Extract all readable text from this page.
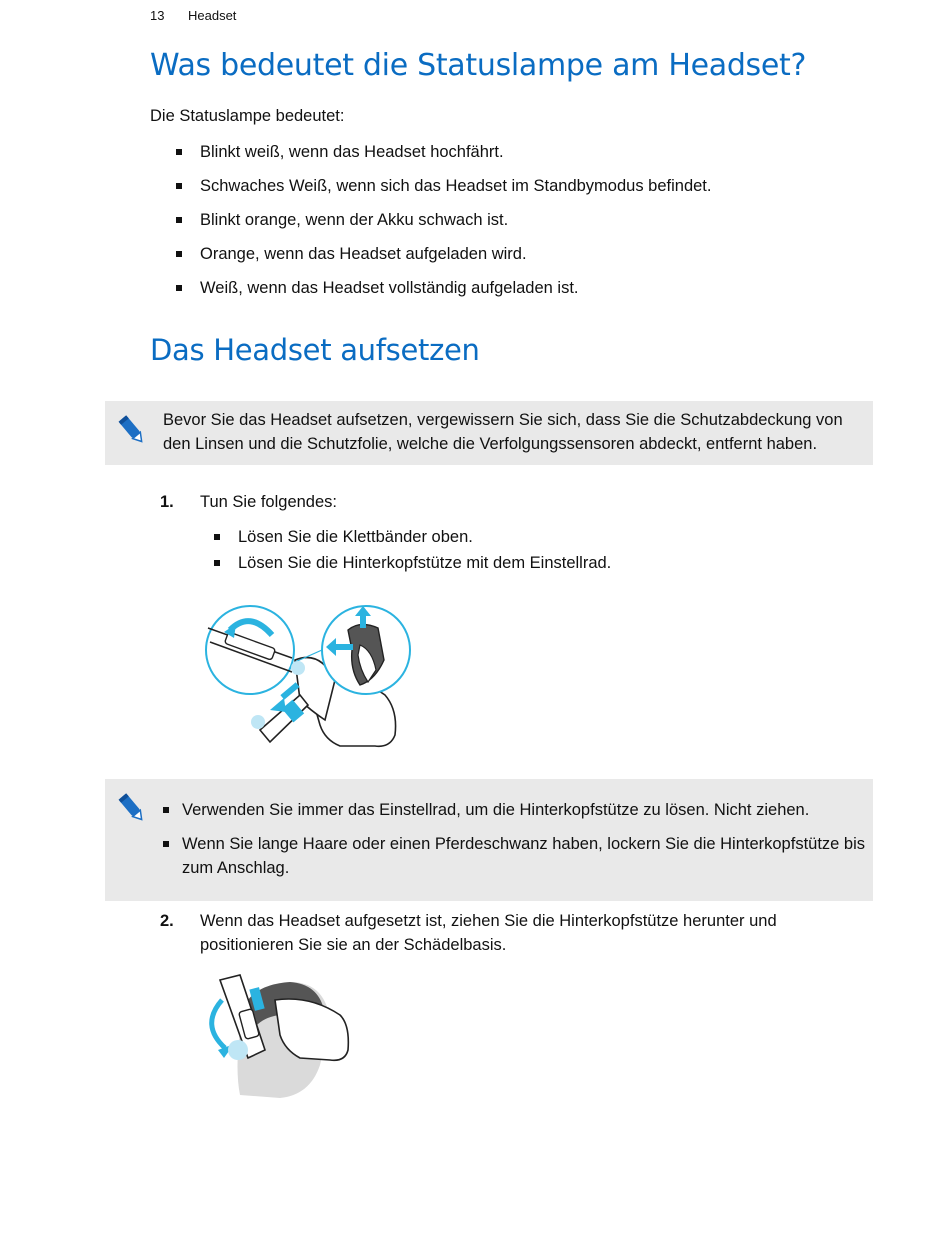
13 Headset
Was bedeutet die Statuslampe am Headset?
Die Statuslampe bedeutet:
Blinkt weiß, wenn das Headset hochfährt.
Schwaches Weiß, wenn sich das Headset im Standbymodus befindet.
Blinkt orange, wenn der Akku schwach ist.
Orange, wenn das Headset aufgeladen wird.
Weiß, wenn das Headset vollständig aufgeladen ist.
Das Headset aufsetzen
Bevor Sie das Headset aufsetzen, vergewissern Sie sich, dass Sie die Schutzabdeckung von den Linsen und die Schutzfolie, welche die Verfolgungssensoren abdeckt, entfernt haben.
1. Tun Sie folgendes:
Lösen Sie die Klettbänder oben.
Lösen Sie die Hinterkopfstütze mit dem Einstellrad.
Verwenden Sie immer das Einstellrad, um die Hinterkopfstütze zu lösen. Nicht ziehen.
Wenn Sie lange Haare oder einen Pferdeschwanz haben, lockern Sie die Hinterkopfstütze bis zum Anschlag.
2. Wenn das Headset aufgesetzt ist, ziehen Sie die Hinterkopfstütze herunter und positionieren Sie sie an der Schädelbasis.
